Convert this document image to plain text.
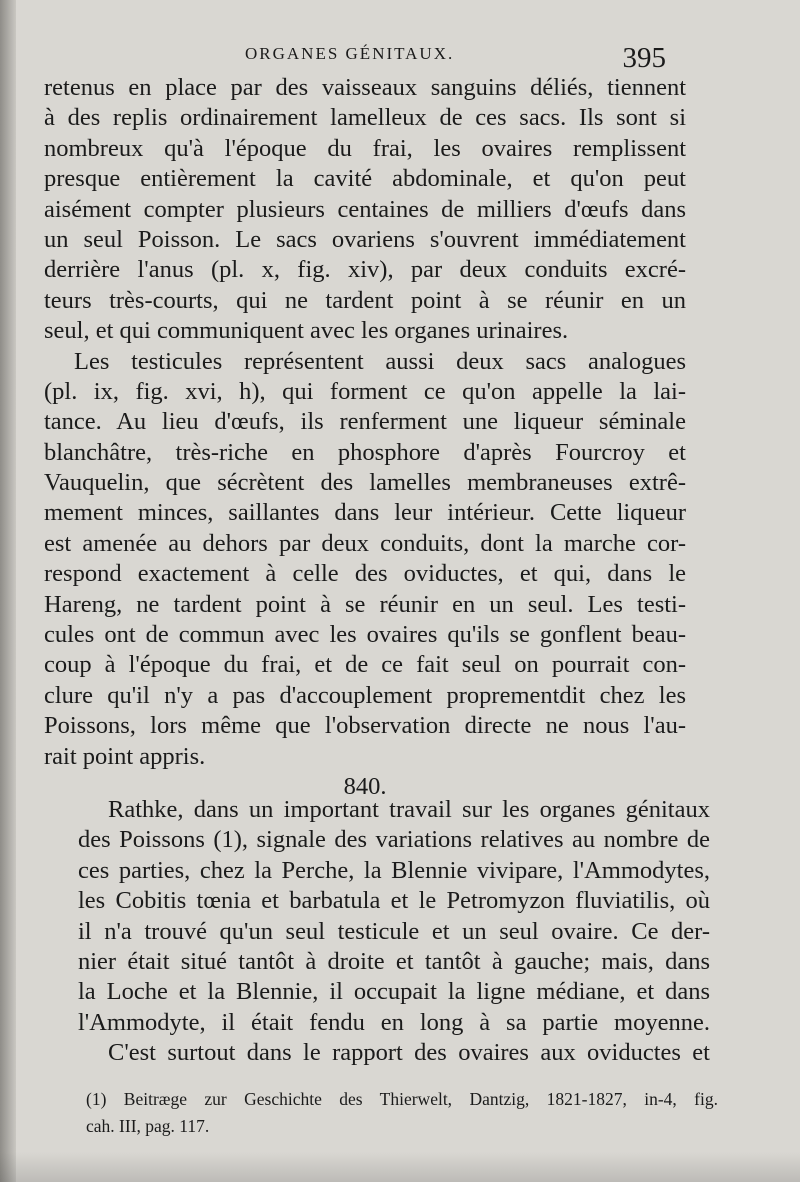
ORGANES GÉNITAUX.	395
retenus en place par des vaisseaux sanguins déliés, tiennent
à des replis ordinairement lamelleux de ces sacs. Ils sont si
nombreux qu'à l'époque du frai, les ovaires remplissent
presque entièrement la cavité abdominale, et qu'on peut
aisément compter plusieurs centaines de milliers d'œufs dans
un seul Poisson. Le sacs ovariens s'ouvrent immédiatement
derrière l'anus (pl. x, fig. xiv), par deux conduits excré-
teurs très-courts, qui ne tardent point à se réunir en un
seul, et qui communiquent avec les organes urinaires.
Les testicules représentent aussi deux sacs analogues
(pl. ix, fig. xvi, h), qui forment ce qu'on appelle la lai-
tance. Au lieu d'œufs, ils renferment une liqueur séminale
blanchâtre, très-riche en phosphore d'après Fourcroy et
Vauquelin, que sécrètent des lamelles membraneuses extrê-
mement minces, saillantes dans leur intérieur. Cette liqueur
est amenée au dehors par deux conduits, dont la marche cor-
respond exactement à celle des oviductes, et qui, dans le
Hareng, ne tardent point à se réunir en un seul. Les testi-
cules ont de commun avec les ovaires qu'ils se gonflent beau-
coup à l'époque du frai, et de ce fait seul on pourrait con-
clure qu'il n'y a pas d'accouplement proprementdit chez les
Poissons, lors même que l'observation directe ne nous l'au-
rait point appris.
840.
Rathke, dans un important travail sur les organes génitaux
des Poissons (1), signale des variations relatives au nombre de
ces parties, chez la Perche, la Blennie vivipare, l'Ammodytes,
les Cobitis tœnia et barbatula et le Petromyzon fluviatilis, où
il n'a trouvé qu'un seul testicule et un seul ovaire. Ce der-
nier était situé tantôt à droite et tantôt à gauche; mais, dans
la Loche et la Blennie, il occupait la ligne médiane, et dans
l'Ammodyte, il était fendu en long à sa partie moyenne.
C'est surtout dans le rapport des ovaires aux oviductes et
(1) Beitræge zur Geschichte des Thierwelt, Dantzig, 1821-1827, in-4, fig.
cah. III, pag. 117.
